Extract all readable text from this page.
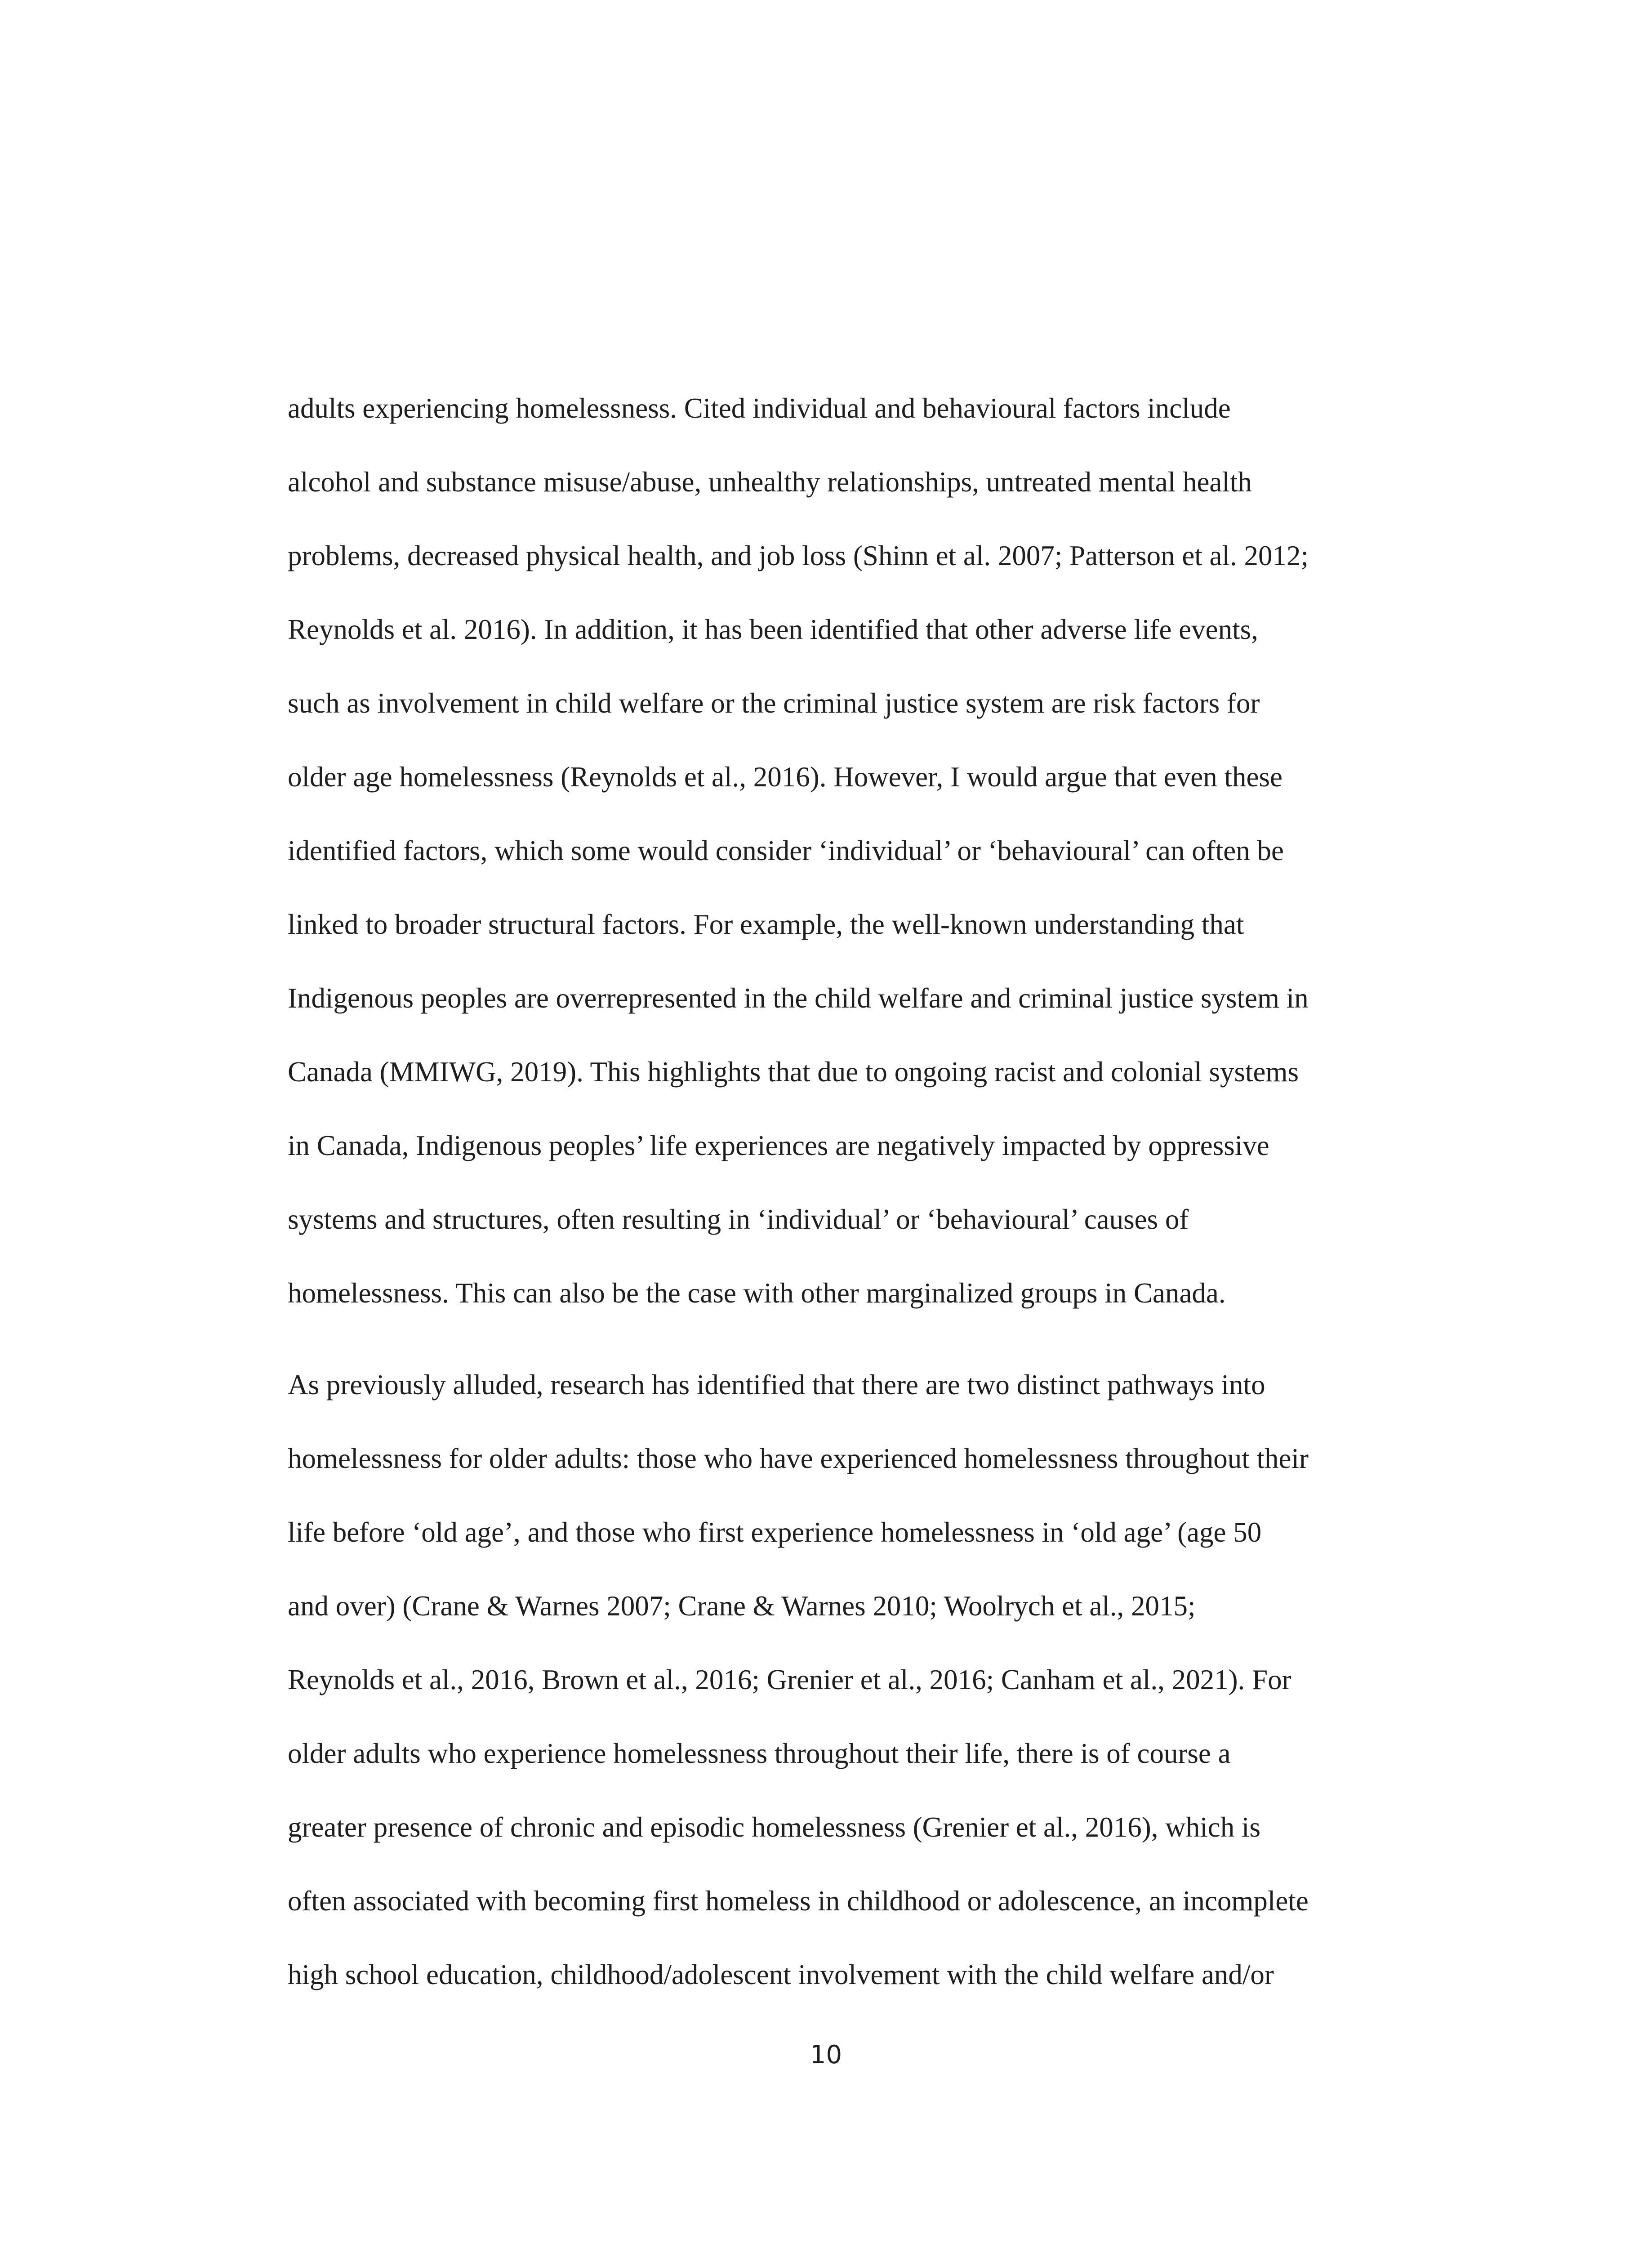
adults experiencing homelessness. Cited individual and behavioural factors include
alcohol and substance misuse/abuse, unhealthy relationships, untreated mental health
problems, decreased physical health, and job loss (Shinn et al. 2007; Patterson et al. 2012;
Reynolds et al. 2016). In addition, it has been identified that other adverse life events,
such as involvement in child welfare or the criminal justice system are risk factors for
older age homelessness (Reynolds et al., 2016). However, I would argue that even these
identified factors, which some would consider ‘individual’ or ‘behavioural’ can often be
linked to broader structural factors. For example, the well-known understanding that
Indigenous peoples are overrepresented in the child welfare and criminal justice system in
Canada (MMIWG, 2019). This highlights that due to ongoing racist and colonial systems
in Canada, Indigenous peoples’ life experiences are negatively impacted by oppressive
systems and structures, often resulting in ‘individual’ or ‘behavioural’ causes of
homelessness. This can also be the case with other marginalized groups in Canada.
As previously alluded, research has identified that there are two distinct pathways into
homelessness for older adults: those who have experienced homelessness throughout their
life before ‘old age’, and those who first experience homelessness in ‘old age’ (age 50
and over) (Crane & Warnes 2007; Crane & Warnes 2010; Woolrych et al., 2015;
Reynolds et al., 2016, Brown et al., 2016; Grenier et al., 2016; Canham et al., 2021). For
older adults who experience homelessness throughout their life, there is of course a
greater presence of chronic and episodic homelessness (Grenier et al., 2016), which is
often associated with becoming first homeless in childhood or adolescence, an incomplete
high school education, childhood/adolescent involvement with the child welfare and/or
10
